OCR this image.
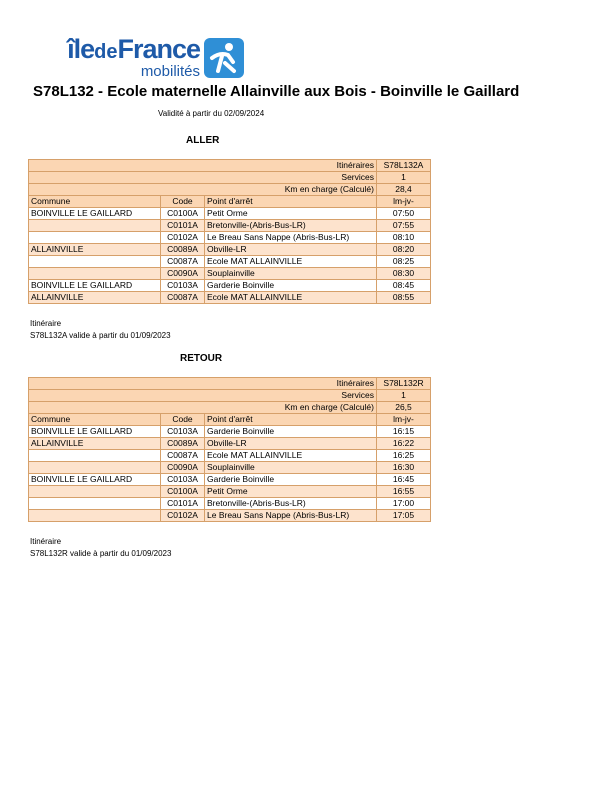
îledeFrance
mobilités
S78L132 - Ecole maternelle Allainville aux Bois - Boinville le Gaillard
Validité à partir du 02/09/2024
ALLER
Itinéraires			S78L132A
Services			1
Km en charge (Calculé)			28,4
Commune	Code	Point d'arrêt	lm-jv-
BOINVILLE LE GAILLARD	C0100A	Petit Orme	07:50
	C0101A	Bretonville-(Abris-Bus-LR)	07:55
	C0102A	Le Breau Sans Nappe (Abris-Bus-LR)	08:10
ALLAINVILLE	C0089A	Obville-LR	08:20
	C0087A	Ecole MAT ALLAINVILLE	08:25
	C0090A	Souplainville	08:30
BOINVILLE LE GAILLARD	C0103A	Garderie Boinville	08:45
ALLAINVILLE	C0087A	Ecole MAT ALLAINVILLE	08:55
Itinéraire
S78L132A valide à partir du 01/09/2023
RETOUR
Itinéraires			S78L132R
Services			1
Km en charge (Calculé)			26,5
Commune	Code	Point d'arrêt	lm-jv-
BOINVILLE LE GAILLARD	C0103A	Garderie Boinville	16:15
ALLAINVILLE	C0089A	Obville-LR	16:22
	C0087A	Ecole MAT ALLAINVILLE	16:25
	C0090A	Souplainville	16:30
BOINVILLE LE GAILLARD	C0103A	Garderie Boinville	16:45
	C0100A	Petit Orme	16:55
	C0101A	Bretonville-(Abris-Bus-LR)	17:00
	C0102A	Le Breau Sans Nappe (Abris-Bus-LR)	17:05
Itinéraire
S78L132R valide à partir du 01/09/2023
